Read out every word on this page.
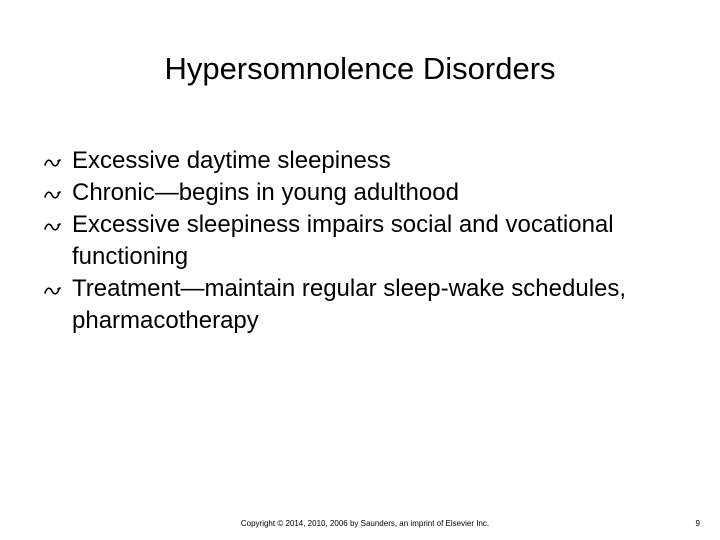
Hypersomnolence Disorders
Excessive daytime sleepiness
Chronic—begins in young adulthood
Excessive sleepiness impairs social and vocational functioning
Treatment—maintain regular sleep-wake schedules, pharmacotherapy
Copyright © 2014, 2010, 2006 by Saunders, an imprint of Elsevier Inc.	9
